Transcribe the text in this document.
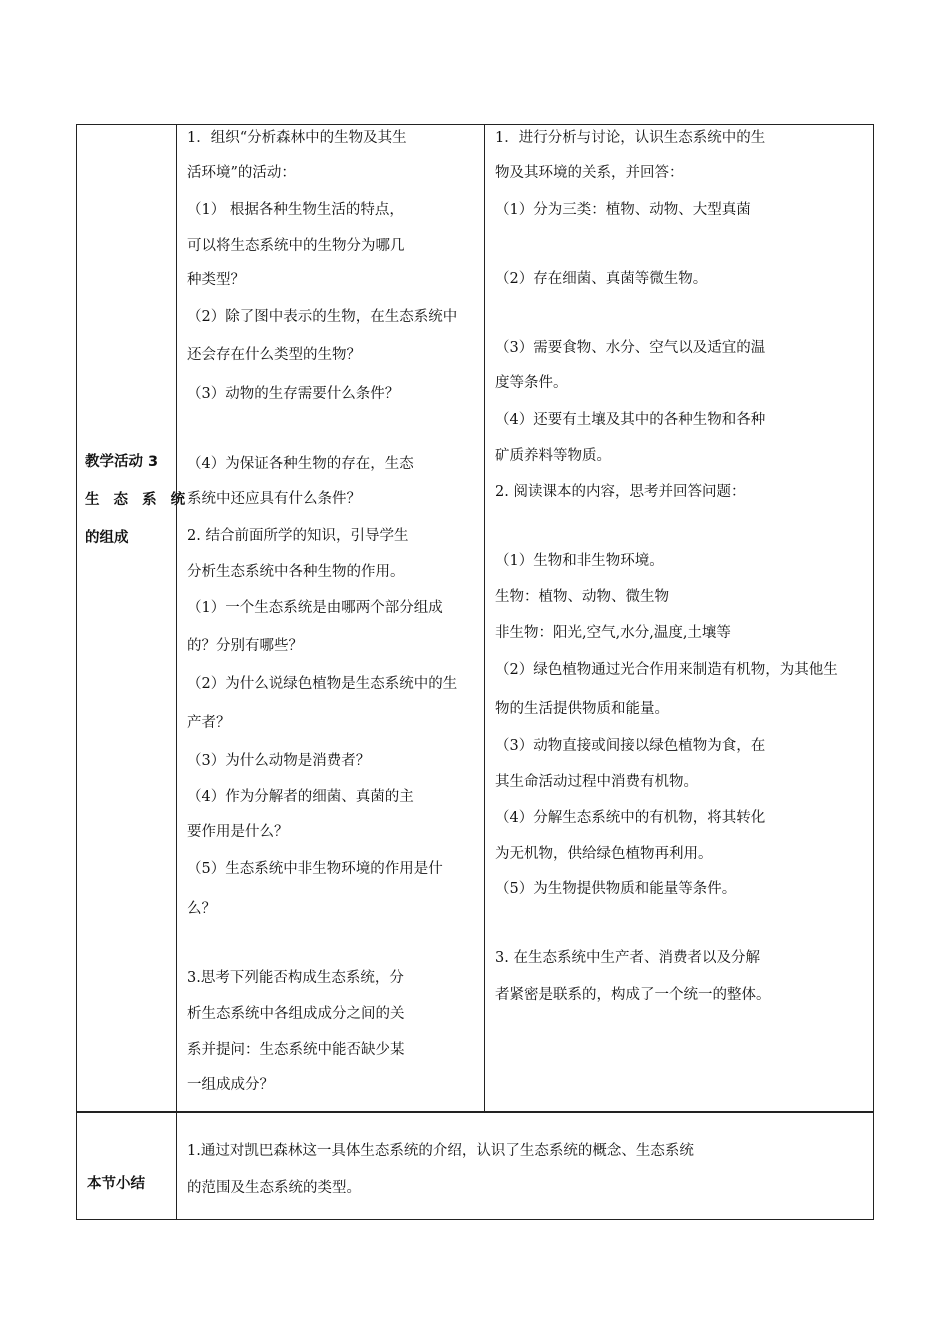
教学活动 3
生 态 系 统
的组成
1．组织“分析森林中的生物及其生
活环境”的活动：
（1） 根据各种生物生活的特点，
可以将生态系统中的生物分为哪几
种类型？
（2）除了图中表示的生物，在生态系统中
还会存在什么类型的生物？
（3）动物的生存需要什么条件？
（4）为保证各种生物的存在，生态
系统中还应具有什么条件？
2. 结合前面所学的知识，引导学生
分析生态系统中各种生物的作用。
（1）一个生态系统是由哪两个部分组成
的？分别有哪些？
（2）为什么说绿色植物是生态系统中的生
产者？
（3）为什么动物是消费者？
（4）作为分解者的细菌、真菌的主
要作用是什么？
（5）生态系统中非生物环境的作用是什
么？
3.思考下列能否构成生态系统，分
析生态系统中各组成成分之间的关
系并提问：生态系统中能否缺少某
一组成成分？
1．进行分析与讨论，认识生态系统中的生
物及其环境的关系，并回答：
（1）分为三类：植物、动物、大型真菌
（2）存在细菌、真菌等微生物。
（3）需要食物、水分、空气以及适宜的温
度等条件。
（4）还要有土壤及其中的各种生物和各种
矿质养料等物质。
2. 阅读课本的内容，思考并回答问题：
（1）生物和非生物环境。
生物：植物、动物、微生物
非生物：阳光,空气,水分,温度,土壤等
（2）绿色植物通过光合作用来制造有机物，为其他生
物的生活提供物质和能量。
（3）动物直接或间接以绿色植物为食，在
其生命活动过程中消费有机物。
（4）分解生态系统中的有机物，将其转化
为无机物，供给绿色植物再利用。
（5）为生物提供物质和能量等条件。
3. 在生态系统中生产者、消费者以及分解
者紧密是联系的，构成了一个统一的整体。
本节小结
1.通过对凯巴森林这一具体生态系统的介绍，认识了生态系统的概念、生态系统
的范围及生态系统的类型。
